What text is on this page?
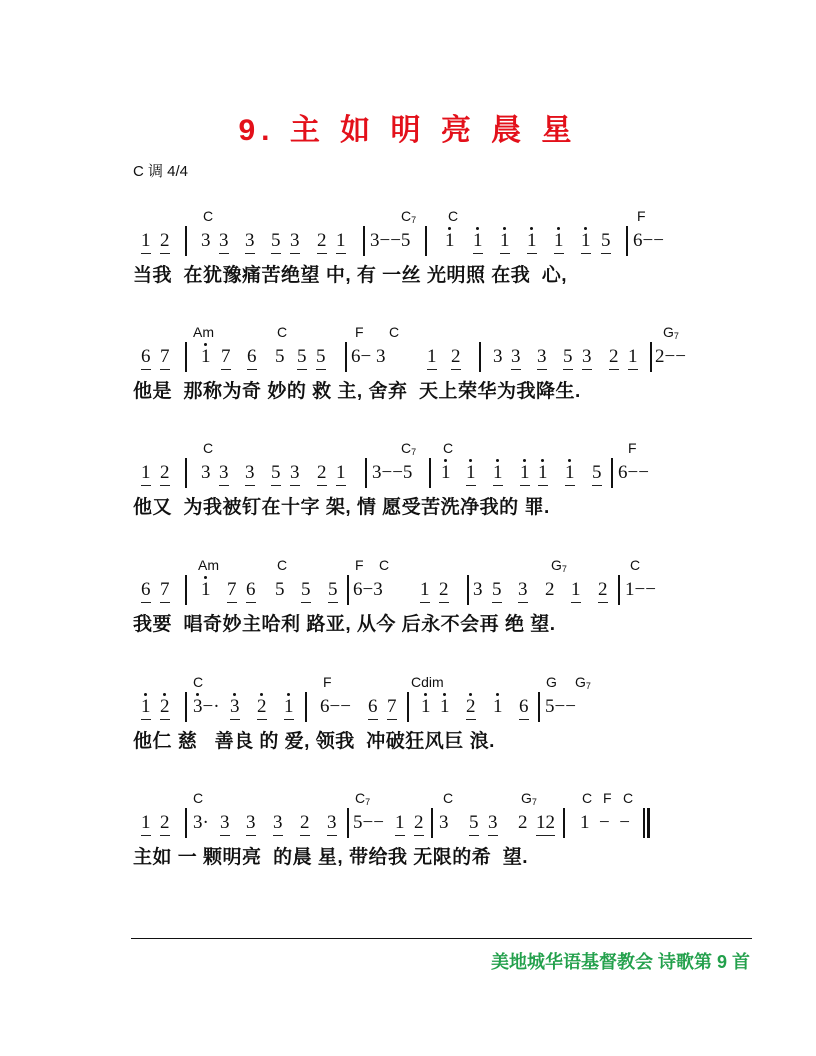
9. 主 如 明 亮 晨 星
C 调 4/4
C	$C_7$ C	F
1 2 3 3 3 5 3 2 1 3−−5 1 1 1 1 1 1 5 6−−
当我  在犹豫痛苦绝望 中, 有 一丝 光明照 在我  心,
Am	C	F C	$G_7$
6 7 1 7 6 5 5 5 6− 3 1 2 3 3 3 5 3 2 1 2−−
他是  那称为奇 妙的 救 主, 舍弃  天上荣华为我降生.
C	$C_7$ C	F
1 2 3 3 3 5 3 2 1 3−−5 1 1 1 1 1 1 5 6−−
他又  为我被钉在十字 架, 情 愿受苦洗净我的 罪.
Am	C	F C	$G_7$	C
6 7 1 7 6 5 5 5 6−3 1 2 3 5 3 2 1 2 1−−
我要  唱奇妙主哈利 路亚, 从今 后永不会再 绝 望.
C	F	Cdim	G $G_7$
1 2 3−· 3 2 1 6−− 6 7 1 1 2 1 6 5−−
他仁 慈   善良 的 爱, 领我  冲破狂风巨 浪.
C	$C_7$	C	$G_7$	C F C
1 2 3· 3 3 3 2 3 5−− 1 2 3 5 3 2 12 1  −  −
主如 一 颗明亮  的晨 星, 带给我 无限的希  望.
美地城华语基督教会 诗歌第 9 首
